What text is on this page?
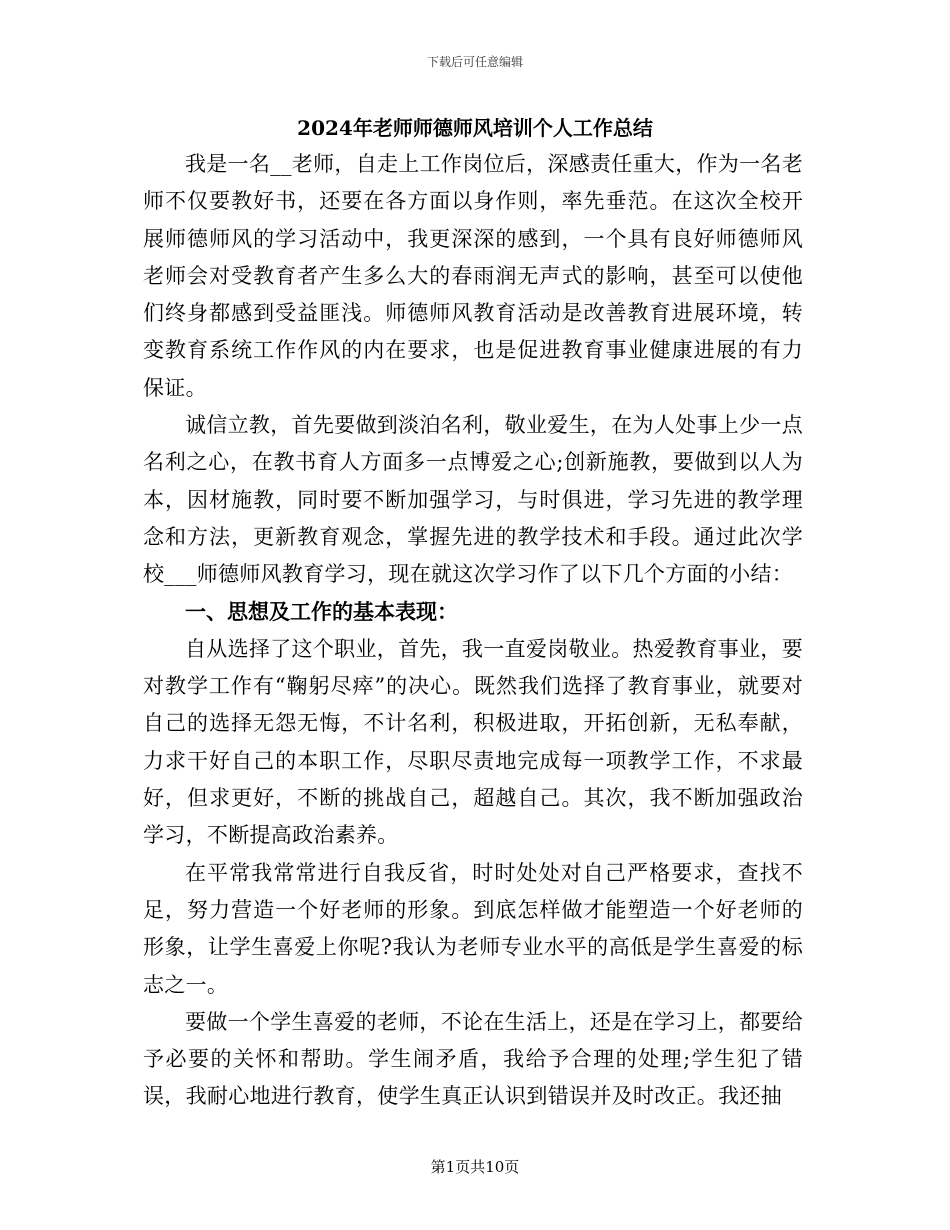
下载后可任意编辑
2024年老师师德师风培训个人工作总结

我是一名__老师，自走上工作岗位后，深感责任重大，作为一名老师不仅要教好书，还要在各方面以身作则，率先垂范。在这次全校开展师德师风的学习活动中，我更深深的感到，一个具有良好师德师风老师会对受教育者产生多么大的春雨润无声式的影响，甚至可以使他们终身都感到受益匪浅。师德师风教育活动是改善教育进展环境，转变教育系统工作作风的内在要求，也是促进教育事业健康进展的有力保证。

诚信立教，首先要做到淡泊名利，敬业爱生，在为人处事上少一点名利之心，在教书育人方面多一点博爱之心;创新施教，要做到以人为本，因材施教，同时要不断加强学习，与时俱进，学习先进的教学理念和方法，更新教育观念，掌握先进的教学技术和手段。通过此次学校___师德师风教育学习，现在就这次学习作了以下几个方面的小结：

一、思想及工作的基本表现：

自从选择了这个职业，首先，我一直爱岗敬业。热爱教育事业，要对教学工作有“鞠躬尽瘁”的决心。既然我们选择了教育事业，就要对自己的选择无怨无悔，不计名利，积极进取，开拓创新，无私奉献，力求干好自己的本职工作，尽职尽责地完成每一项教学工作，不求最好，但求更好，不断的挑战自己，超越自己。其次，我不断加强政治学习，不断提高政治素养。

在平常我常常进行自我反省，时时处处对自己严格要求，查找不足，努力营造一个好老师的形象。到底怎样做才能塑造一个好老师的形象，让学生喜爱上你呢?我认为老师专业水平的高低是学生喜爱的标志之一。

要做一个学生喜爱的老师，不论在生活上，还是在学习上，都要给予必要的关怀和帮助。学生闹矛盾，我给予合理的处理;学生犯了错误，我耐心地进行教育，使学生真正认识到错误并及时改正。我还抽

第1页共10页
